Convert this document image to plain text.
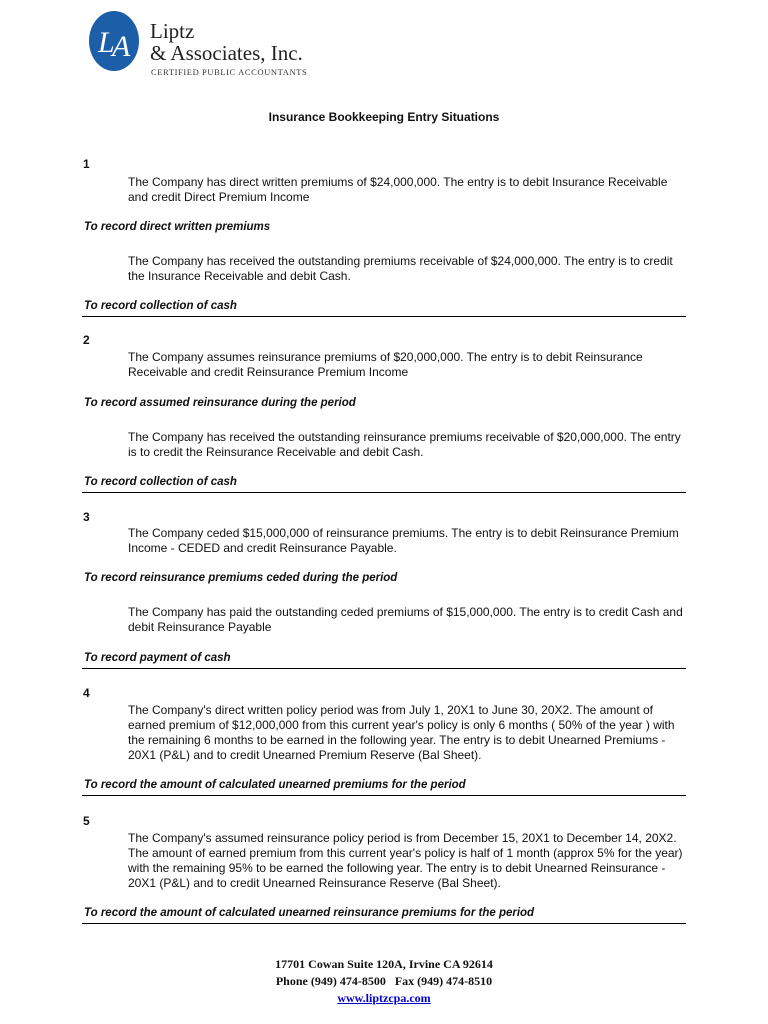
L
A Liptz
& Associates, Inc.
CERTIFIED PUBLIC ACCOUNTANTS
Insurance Bookkeeping Entry Situations
1
The Company has direct written premiums of $24,000,000. The entry is to debit Insurance Receivable and credit Direct Premium Income
To record direct written premiums
The Company has received the outstanding premiums receivable of $24,000,000. The entry is to credit the Insurance Receivable and debit Cash.
To record collection of cash
2
The Company assumes reinsurance premiums of $20,000,000. The entry is to debit Reinsurance Receivable and credit Reinsurance Premium Income
To record assumed reinsurance during the period
The Company has received the outstanding reinsurance premiums receivable of $20,000,000. The entry is to credit the Reinsurance Receivable and debit Cash.
To record collection of cash
3
The Company ceded $15,000,000 of reinsurance premiums. The entry is to debit Reinsurance Premium Income - CEDED and credit Reinsurance Payable.
To record reinsurance premiums ceded during the period
The Company has paid the outstanding ceded premiums of $15,000,000. The entry is to credit Cash and debit Reinsurance Payable
To record payment of cash
4
The Company's direct written policy period was from July 1, 20X1 to June 30, 20X2. The amount of earned premium of $12,000,000 from this current year's policy is only 6 months ( 50% of the year ) with the remaining 6 months to be earned in the following year. The entry is to debit Unearned Premiums - 20X1 (P&L) and to credit Unearned Premium Reserve (Bal Sheet).
To record the amount of calculated unearned premiums for the period
5
The Company's assumed reinsurance policy period is from December 15, 20X1 to December 14, 20X2. The amount of earned premium from this current year's policy is half of 1 month (approx 5% for the year) with the remaining 95% to be earned the following year. The entry is to debit Unearned Reinsurance - 20X1 (P&L) and to credit Unearned Reinsurance Reserve (Bal Sheet).
To record the amount of calculated unearned reinsurance premiums for the period
17701 Cowan Suite 120A, Irvine CA 92614
Phone (949) 474-8500   Fax (949) 474-8510
www.liptzcpa.com
